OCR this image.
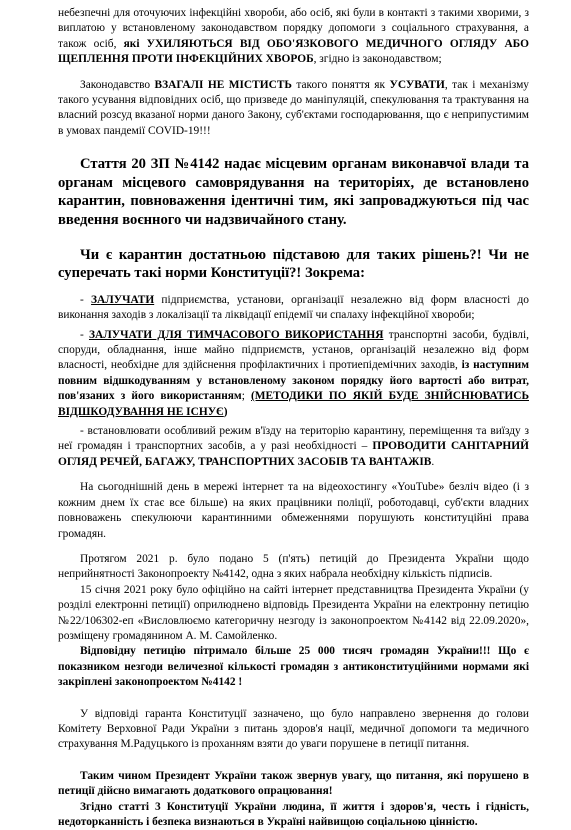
небезпечні для оточуючих інфекційні хвороби, або осіб, які були в контакті з такими хворими, з виплатою у встановленому законодавством порядку допомоги з соціального страхування, а також осіб, які УХИЛЯЮТЬСЯ ВІД ОБО'ЯЗКОВОГО МЕДИЧНОГО ОГЛЯДУ АБО ЩЕПЛЕННЯ ПРОТИ ІНФЕКЦІЙНИХ ХВОРОБ, згідно із законодавством;

Законодавство ВЗАГАЛІ НЕ МІСТИСТЬ такого поняття як УСУВАТИ, так і механізму такого усування відповідних осіб, що призведе до маніпуляцій, спекулювання та трактування на власний розсуд вказаної норми даного Закону, суб'єктами господарювання, що є неприпустимим в умовах пандемії COVID-19!!!

Стаття 20 ЗП №4142 надає місцевим органам виконавчої влади та органам місцевого самоврядування на територіях, де встановлено карантин, повноваження ідентичні тим, які запроваджуються під час введення воєнного чи надзвичайного стану.

Чи є карантин достатньою підставою для таких рішень?! Чи не суперечать такі норми Конституції?! Зокрема:

- ЗАЛУЧАТИ підприємства, установи, організації незалежно від форм власності до виконання заходів з локалізації та ліквідації епідемії чи спалаху інфекційної хвороби;

- ЗАЛУЧАТИ ДЛЯ ТИМЧАСОВОГО ВИКОРИСТАННЯ транспортні засоби, будівлі, споруди, обладнання, інше майно підприємств, установ, організацій незалежно від форм власності, необхідне для здійснення профілактичних і протиепідемічних заходів, із наступним повним відшкодуванням у встановленому законом порядку його вартості або витрат, пов'язаних з його використанням; (МЕТОДИКИ ПО ЯКІЙ БУДЕ ЗНІЙСНЮВАТИСЬ ВІДШКОДУВАННЯ НЕ ІСНУЄ)

- встановлювати особливий режим в'їзду на територію карантину, переміщення та виїзду з неї громадян і транспортних засобів, а у разі необхідності – ПРОВОДИТИ САНІТАРНИЙ ОГЛЯД РЕЧЕЙ, БАГАЖУ, ТРАНСПОРТНИХ ЗАСОБІВ ТА ВАНТАЖІВ.

На сьогоднішній день в мережі інтернет та на відеохостингу «YouTube» безліч відео (і з кожним днем їх стає все більше) на яких працівники поліції, роботодавці, суб'єкти владних повноважень спекулюючи карантинними обмеженнями порушують конституційні права громадян.

Протягом 2021 р. було подано 5 (п'ять) петицій до Президента України щодо неприйнятності Законопроекту №4142, одна з яких набрала необхідну кількість підписів.

15 січня 2021 року було офіційно на сайті інтернет представництва Президента України (у розділі електронні петиції) оприлюднено відповідь Президента України на електронну петицію №22/106302-еп «Висловлюємо категоричну незгоду із законопроектом №4142 від 22.09.2020», розміщену громадянином А. М. Самойленко.

Відповідну петицію пітримало більше 25 000 тисяч громадян України!!! Що є показником незгоди величезної кількості громадян з антиконституційними нормами які закріплені законопроектом №4142 !

У відповіді гаранта Конституції зазначено, що було направлено звернення до голови Комітету Верховної Ради України з питань здоров'я нації, медичної допомоги та медичного страхування М.Радуцького із проханням взяти до уваги порушене в петиції питання.

Таким чином Президент України також звернув увагу, що питання, які порушено в петиції дійсно вимагають додаткового опрацювання!

Згідно статті 3 Конституції України людина, її життя і здоров'я, честь і гідність, недоторканність і безпека визнаються в Україні найвищою соціальною цінністю.
